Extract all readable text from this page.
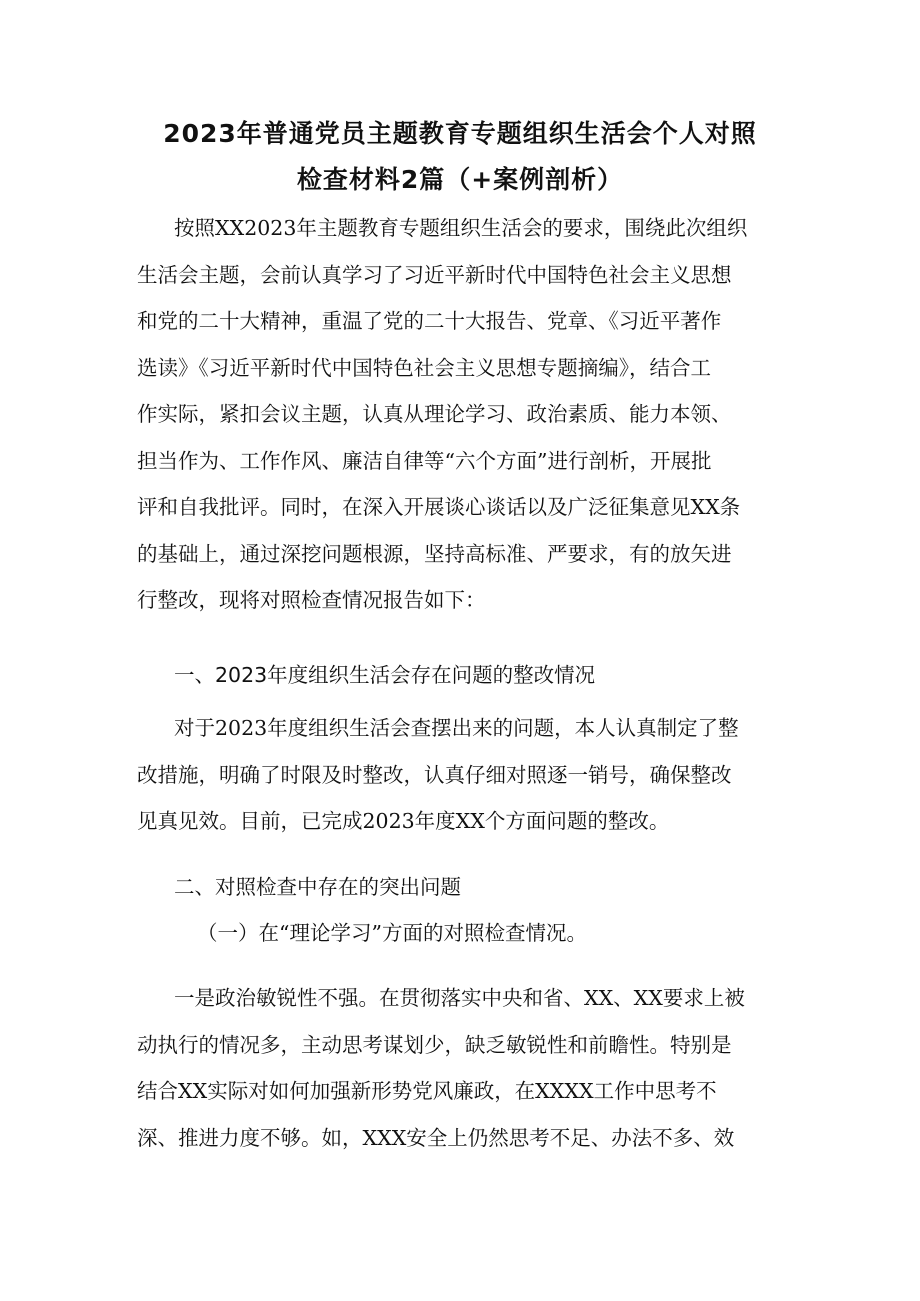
2023年普通党员主题教育专题组织生活会个人对照
检查材料2篇（+案例剖析）
按照XX2023年主题教育专题组织生活会的要求，围绕此次组织
生活会主题，会前认真学习了习近平新时代中国特色社会主义思想
和党的二十大精神，重温了党的二十大报告、党章、《习近平著作
选读》《习近平新时代中国特色社会主义思想专题摘编》，结合工
作实际，紧扣会议主题，认真从理论学习、政治素质、能力本领、
担当作为、工作作风、廉洁自律等“六个方面”进行剖析，开展批
评和自我批评。同时，在深入开展谈心谈话以及广泛征集意见XX条
的基础上，通过深挖问题根源，坚持高标准、严要求，有的放矢进
行整改，现将对照检查情况报告如下：
一、2023年度组织生活会存在问题的整改情况
对于2023年度组织生活会查摆出来的问题，本人认真制定了整
改措施，明确了时限及时整改，认真仔细对照逐一销号，确保整改
见真见效。目前，已完成2023年度XX个方面问题的整改。
二、对照检查中存在的突出问题
（一）在“理论学习”方面的对照检查情况。
一是政治敏锐性不强。在贯彻落实中央和省、XX、XX要求上被
动执行的情况多，主动思考谋划少，缺乏敏锐性和前瞻性。特别是
结合XX实际对如何加强新形势党风廉政，在XXXX工作中思考不
深、推进力度不够。如，XXX安全上仍然思考不足、办法不多、效
